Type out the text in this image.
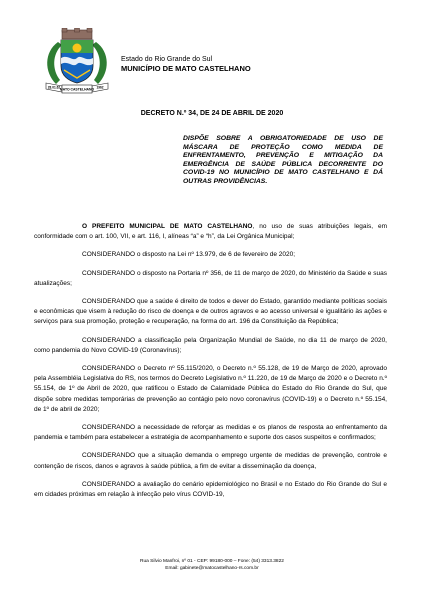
28.01.62 MATO CASTELHANO 1962
Estado do Rio Grande do Sul
MUNICÍPIO DE MATO CASTELHANO
DECRETO N.º 34, DE 24 DE ABRIL DE 2020
DISPÕE SOBRE A OBRIGATORIEDADE DE USO DE MÁSCARA DE PROTEÇÃO COMO MEDIDA DE ENFRENTAMENTO, PREVENÇÃO E MITIGAÇÃO DA EMERGÊNCIA DE SAÚDE PÚBLICA DECORRENTE DO COVID-19 NO MUNICÍPIO DE MATO CASTELHANO E DÁ OUTRAS PROVIDÊNCIAS.

O PREFEITO MUNICIPAL DE MATO CASTELHANO, no uso de suas atribuições legais, em conformidade com o art. 100, VII, e art. 116, I, alíneas “a” e “h”, da Lei Orgânica Municipal;

CONSIDERANDO o disposto na Lei nº 13.979, de 6 de fevereiro de 2020;

CONSIDERANDO o disposto na Portaria nº 356, de 11 de março de 2020, do Ministério da Saúde e suas atualizações;

CONSIDERANDO que a saúde é direito de todos e dever do Estado, garantido mediante políticas sociais e econômicas que visem à redução do risco de doença e de outros agravos e ao acesso universal e igualitário às ações e serviços para sua promoção, proteção e recuperação, na forma do art. 196 da Constituição da República;

CONSIDERANDO a classificação pela Organização Mundial de Saúde, no dia 11 de março de 2020, como pandemia do Novo COVID-19 (Coronavírus);

CONSIDERANDO o Decreto nº 55.115/2020, o Decreto n.º 55.128, de 19 de Março de 2020, aprovado pela Assembléia Legislativa do RS, nos termos do Decreto Legislativo n.º 11.220, de 19 de Março de 2020 e o Decreto n.º 55.154, de 1º de Abril de 2020, que ratificou o Estado de Calamidade Pública do Estado do Rio Grande do Sul, que dispõe sobre medidas temporárias de prevenção ao contágio pelo novo coronavírus (COVID-19) e o Decreto n.º 55.154, de 1º de abril de 2020;

CONSIDERANDO a necessidade de reforçar as medidas e os planos de resposta ao enfrentamento da pandemia e também para estabelecer a estratégia de acompanhamento e suporte dos casos suspeitos e confirmados;

CONSIDERANDO que a situação demanda o emprego urgente de medidas de prevenção, controle e contenção de riscos, danos e agravos à saúde pública, a fim de evitar a disseminação da doença,

CONSIDERANDO a avaliação do cenário epidemiológico no Brasil e no Estado do Rio Grande do Sul e em cidades próximas em relação à infecção pelo vírus COVID-19,

Rua Silvio Manfroi, nº 01 - CEP: 99180-000 – Fone: (54) 3313.3822
Email: gabinete@matocastelhano-rs.com.br
